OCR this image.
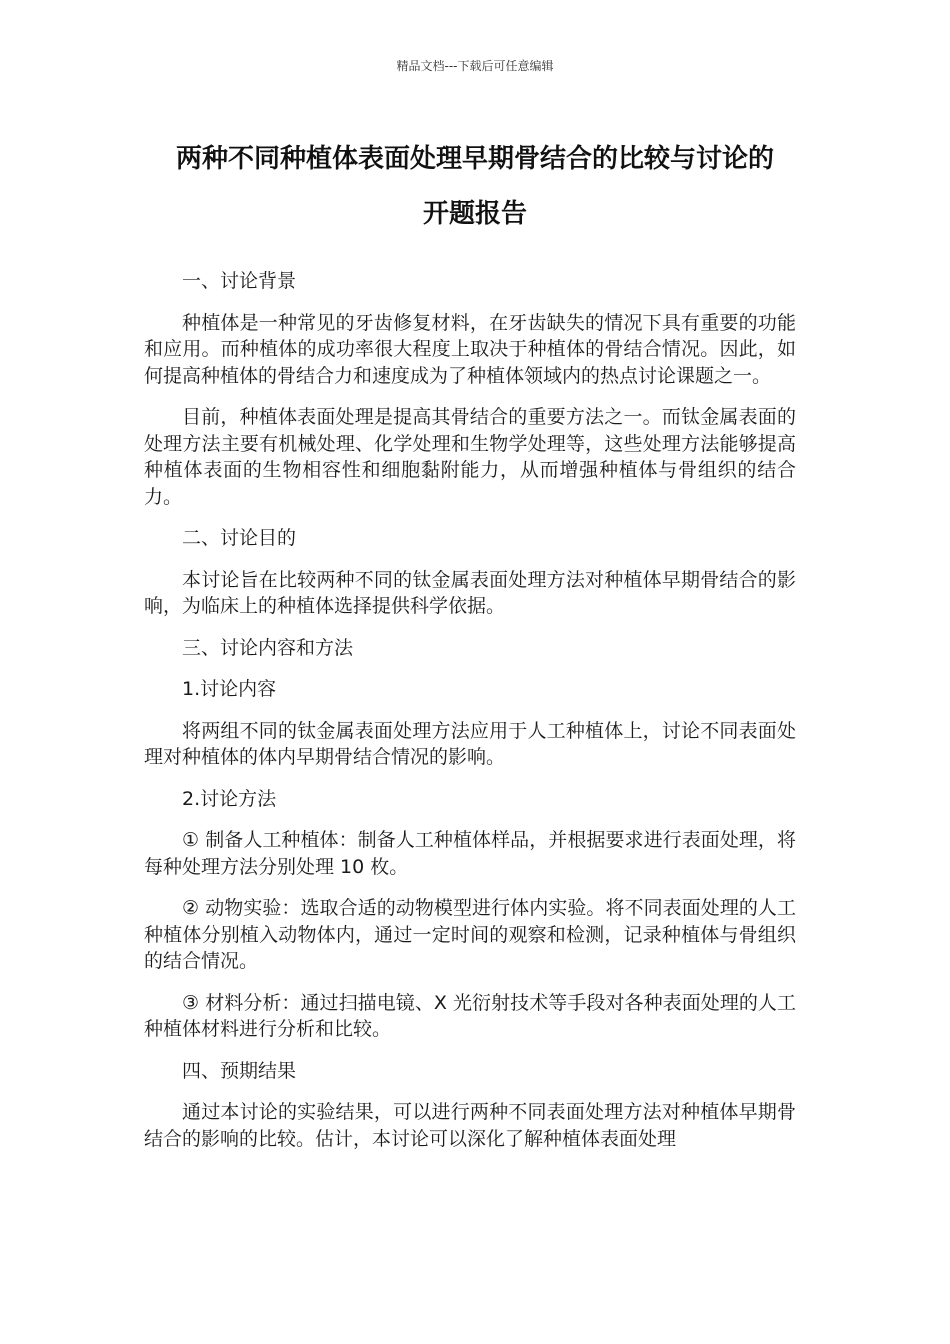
精品文档---下载后可任意编辑
两种不同种植体表面处理早期骨结合的比较与讨论的
开题报告

一、讨论背景

种植体是一种常见的牙齿修复材料，在牙齿缺失的情况下具有重要的功能和应用。而种植体的成功率很大程度上取决于种植体的骨结合情况。因此，如何提高种植体的骨结合力和速度成为了种植体领域内的热点讨论课题之一。

目前，种植体表面处理是提高其骨结合的重要方法之一。而钛金属表面的处理方法主要有机械处理、化学处理和生物学处理等，这些处理方法能够提高种植体表面的生物相容性和细胞黏附能力，从而增强种植体与骨组织的结合力。

二、讨论目的

本讨论旨在比较两种不同的钛金属表面处理方法对种植体早期骨结合的影响，为临床上的种植体选择提供科学依据。

三、讨论内容和方法

1.讨论内容

将两组不同的钛金属表面处理方法应用于人工种植体上，讨论不同表面处理对种植体的体内早期骨结合情况的影响。

2.讨论方法

① 制备人工种植体：制备人工种植体样品，并根据要求进行表面处理，将每种处理方法分别处理 10 枚。

② 动物实验：选取合适的动物模型进行体内实验。将不同表面处理的人工种植体分别植入动物体内，通过一定时间的观察和检测，记录种植体与骨组织的结合情况。

③ 材料分析：通过扫描电镜、X 光衍射技术等手段对各种表面处理的人工种植体材料进行分析和比较。

四、预期结果

通过本讨论的实验结果，可以进行两种不同表面处理方法对种植体早期骨结合的影响的比较。估计，本讨论可以深化了解种植体表面处理
